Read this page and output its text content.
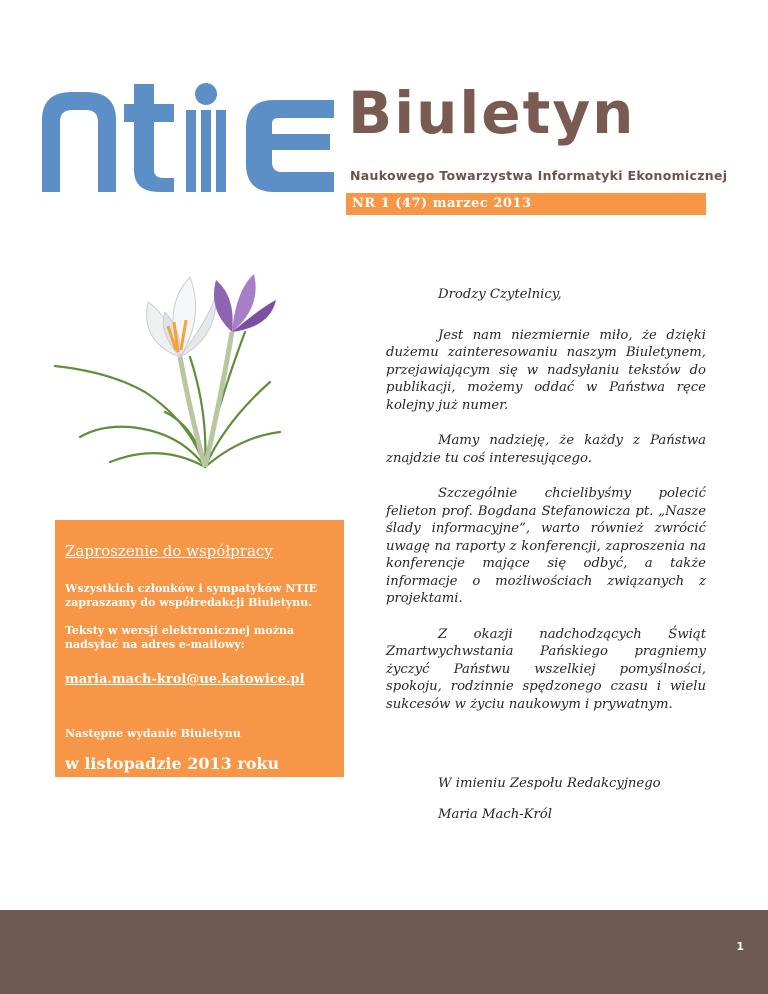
Biuletyn
Naukowego Towarzystwa Informatyki Ekonomicznej
NR 1 (47) marzec 2013

Drodzy Czytelnicy,

Jest nam niezmiernie miło, że dzięki dużemu zainteresowaniu naszym Biuletynem, przejawiającym się w nadsyłaniu tekstów do publikacji, możemy oddać w Państwa ręce kolejny już numer.

Mamy nadzieję, że każdy z Państwa znajdzie tu coś interesującego.

Szczególnie chcielibyśmy polecić felieton prof. Bogdana Stefanowicza pt. „Nasze ślady informacyjne”, warto również zwrócić uwagę na raporty z konferencji, zaproszenia na konferencje mające się odbyć, a także informacje o możliwościach związanych z projektami.

Z okazji nadchodzących Świąt Zmartwychwstania Pańskiego pragniemy życzyć Państwu wszelkiej pomyślności, spokoju, rodzinnie spędzonego czasu i wielu sukcesów w życiu naukowym i prywatnym.

W imieniu Zespołu Redakcyjnego
Maria Mach-Król
Zaproszenie do współpracy
Wszystkich członków i sympatyków NTIE zapraszamy do współredakcji Biuletynu.
Teksty w wersji elektronicznej można nadsyłać na adres e-mailowy:
maria.mach-krol@ue.katowice.pl
Następne wydanie Biuletynu
w listopadzie 2013 roku
1
